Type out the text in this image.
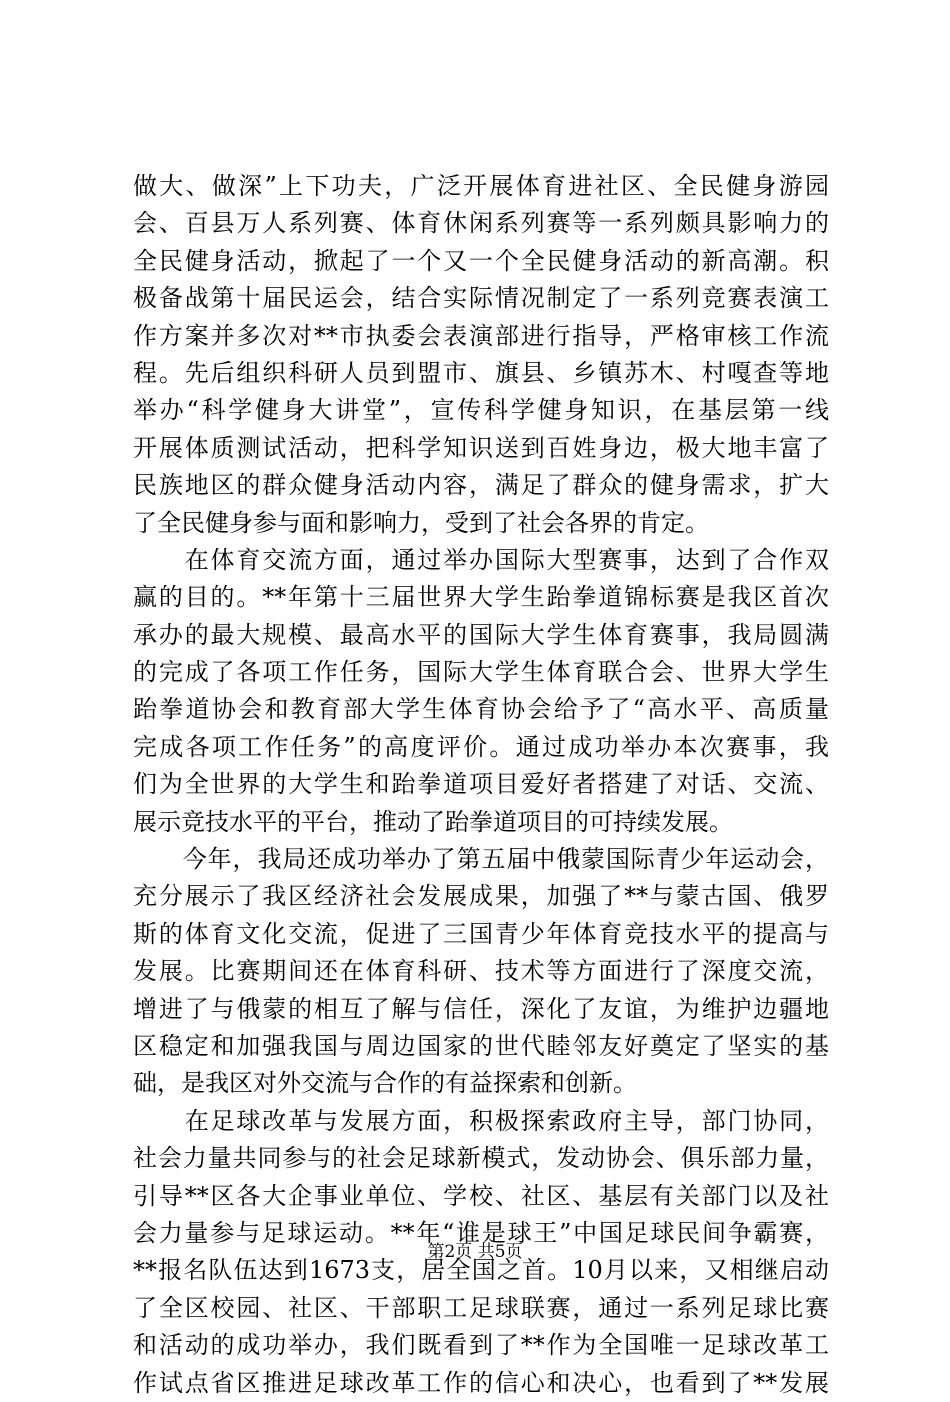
做大、做深”上下功夫，广泛开展体育进社区、全民健身游园
会、百县万人系列赛、体育休闲系列赛等一系列颇具影响力的
全民健身活动，掀起了一个又一个全民健身活动的新高潮。积
极备战第十届民运会，结合实际情况制定了一系列竞赛表演工
作方案并多次对**市执委会表演部进行指导，严格审核工作流
程。先后组织科研人员到盟市、旗县、乡镇苏木、村嘎查等地
举办“科学健身大讲堂”，宣传科学健身知识，在基层第一线
开展体质测试活动，把科学知识送到百姓身边，极大地丰富了
民族地区的群众健身活动内容，满足了群众的健身需求，扩大
了全民健身参与面和影响力，受到了社会各界的肯定。
　　在体育交流方面，通过举办国际大型赛事，达到了合作双
赢的目的。**年第十三届世界大学生跆拳道锦标赛是我区首次
承办的最大规模、最高水平的国际大学生体育赛事，我局圆满
的完成了各项工作任务，国际大学生体育联合会、世界大学生
跆拳道协会和教育部大学生体育协会给予了“高水平、高质量
完成各项工作任务”的高度评价。通过成功举办本次赛事，我
们为全世界的大学生和跆拳道项目爱好者搭建了对话、交流、
展示竞技水平的平台，推动了跆拳道项目的可持续发展。
　　今年，我局还成功举办了第五届中俄蒙国际青少年运动会，
充分展示了我区经济社会发展成果，加强了**与蒙古国、俄罗
斯的体育文化交流，促进了三国青少年体育竞技水平的提高与
发展。比赛期间还在体育科研、技术等方面进行了深度交流，
增进了与俄蒙的相互了解与信任，深化了友谊，为维护边疆地
区稳定和加强我国与周边国家的世代睦邻友好奠定了坚实的基
础，是我区对外交流与合作的有益探索和创新。
　　在足球改革与发展方面，积极探索政府主导，部门协同，
社会力量共同参与的社会足球新模式，发动协会、俱乐部力量，
引导**区各大企事业单位、学校、社区、基层有关部门以及社
会力量参与足球运动。**年“谁是球王”中国足球民间争霸赛，
**报名队伍达到1673支，居全国之首。10月以来，又相继启动
了全区校园、社区、干部职工足球联赛，通过一系列足球比赛
和活动的成功举办，我们既看到了**作为全国唯一足球改革工
作试点省区推进足球改革工作的信心和决心，也看到了**发展
第2页 共5页
